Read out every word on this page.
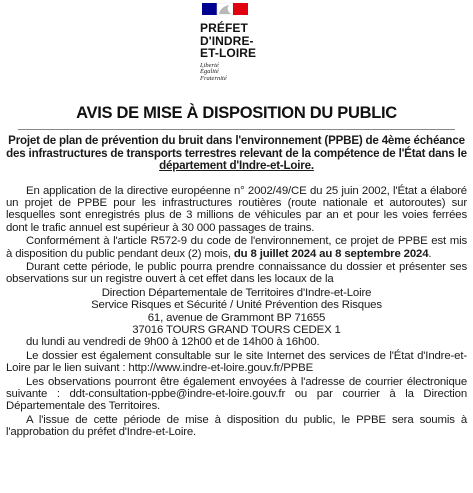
PRÉFET
D'INDRE-
ET-LOIRE
Liberté
Égalité
Fraternité
AVIS DE MISE À DISPOSITION DU PUBLIC
Projet de plan de prévention du bruit dans l'environnement (PPBE) de 4ème échéance des infrastructures de transports terrestres relevant de la compétence de l'État dans le département d'Indre-et-Loire.

En application de la directive européenne n° 2002/49/CE du 25 juin 2002, l'État a élaboré un projet de PPBE pour les infrastructures routières (route nationale et autoroutes) sur lesquelles sont enregistrés plus de 3 millions de véhicules par an et pour les voies ferrées dont le trafic annuel est supérieur à 30 000 passages de trains.

Conformément à l'article R572-9 du code de l'environnement, ce projet de PPBE est mis à disposition du public pendant deux (2) mois, du 8 juillet 2024 au 8 septembre 2024.

Durant cette période, le public pourra prendre connaissance du dossier et présenter ses observations sur un registre ouvert à cet effet dans les locaux de la

Direction Départementale de Territoires d'Indre-et-Loire

Service Risques et Sécurité / Unité Prévention des Risques

61, avenue de Grammont BP 71655

37016 TOURS GRAND TOURS CEDEX 1

du lundi au vendredi de 9h00 à 12h00 et de 14h00 à 16h00.

Le dossier est également consultable sur le site Internet des services de l'État d'Indre-et-Loire par le lien suivant : http://www.indre-et-loire.gouv.fr/PPBE

Les observations pourront être également envoyées à l'adresse de courrier électronique suivante : ddt-consultation-ppbe@indre-et-loire.gouv.fr ou par courrier à la Direction Départementale des Territoires.

A l'issue de cette période de mise à disposition du public, le PPBE sera soumis à l'approbation du préfet d'Indre-et-Loire.
